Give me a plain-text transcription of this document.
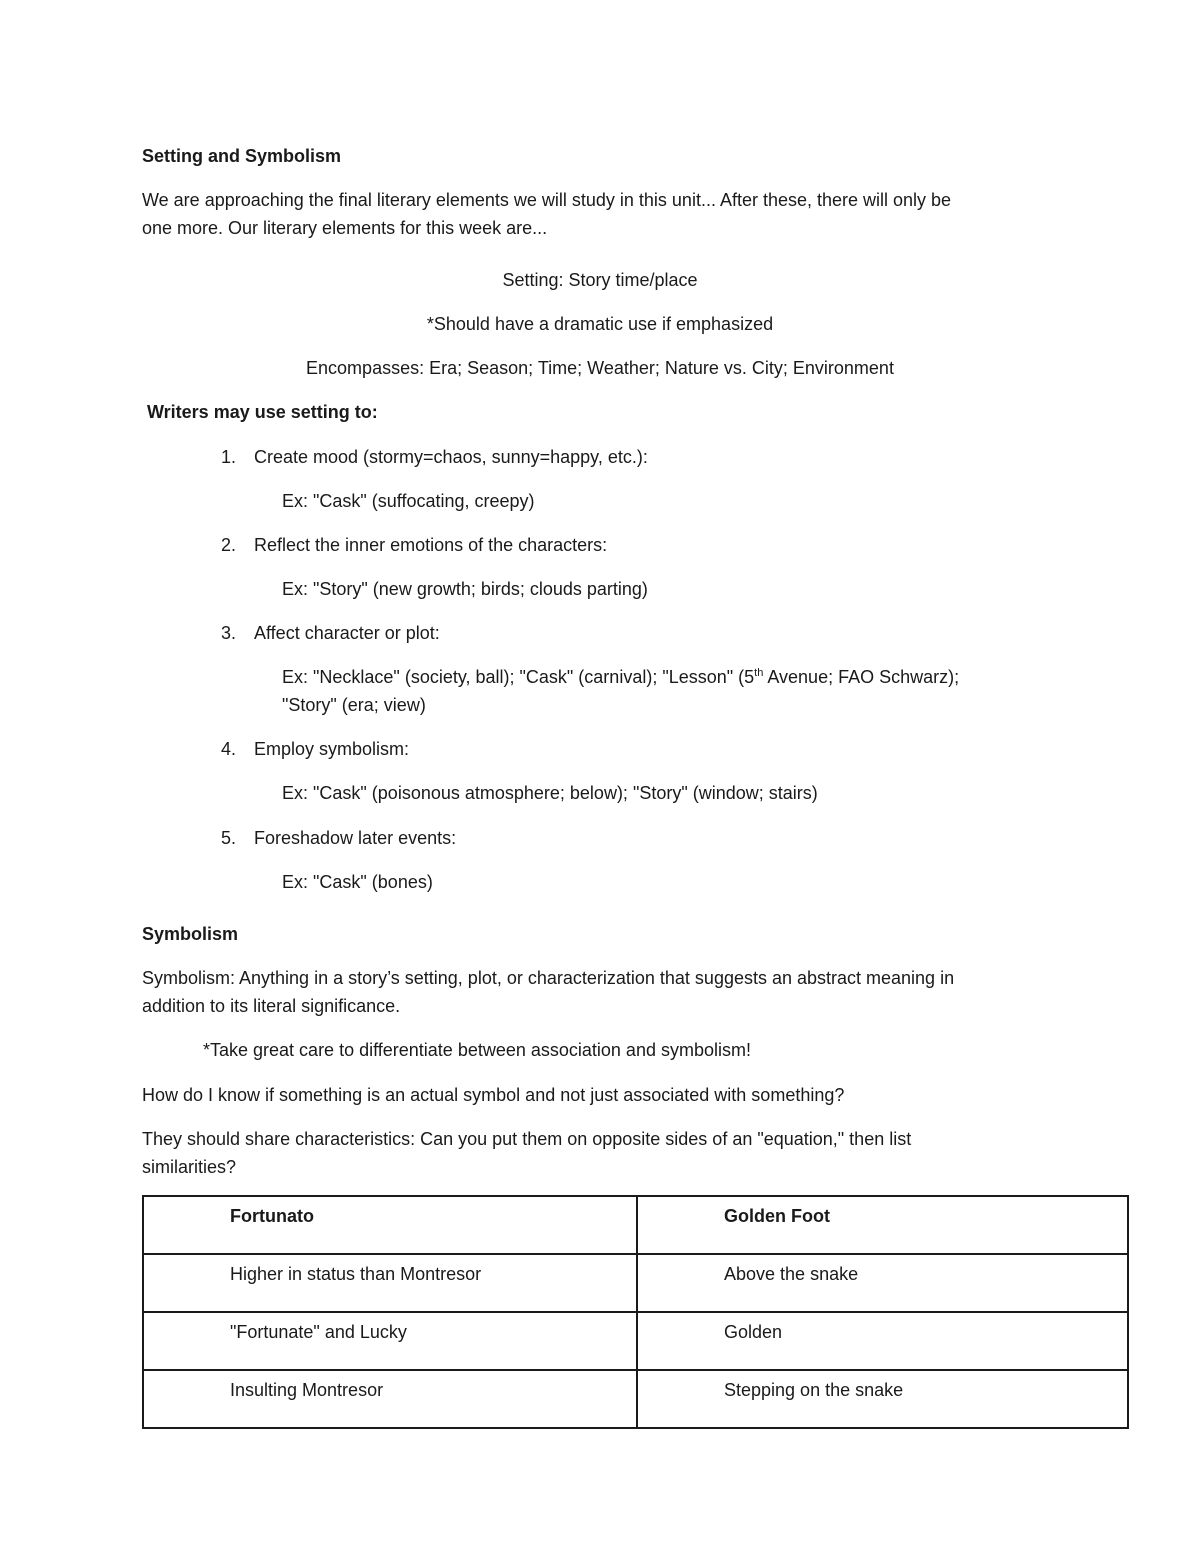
Setting and Symbolism
We are approaching the final literary elements we will study in this unit... After these, there will only be
one more. Our literary elements for this week are...
Setting: Story time/place
*Should have a dramatic use if emphasized
Encompasses: Era; Season; Time; Weather; Nature vs. City; Environment
Writers may use setting to:
1. Create mood (stormy=chaos, sunny=happy, etc.):
Ex: "Cask" (suffocating, creepy)
2. Reflect the inner emotions of the characters:
Ex: "Story" (new growth; birds; clouds parting)
3. Affect character or plot:
Ex: "Necklace" (society, ball); "Cask" (carnival); "Lesson" (5th Avenue; FAO Schwarz);
"Story" (era; view)
4. Employ symbolism:
Ex: "Cask" (poisonous atmosphere; below); "Story" (window; stairs)
5. Foreshadow later events:
Ex: "Cask" (bones)
Symbolism
Symbolism: Anything in a story’s setting, plot, or characterization that suggests an abstract meaning in
addition to its literal significance.
*Take great care to differentiate between association and symbolism!
How do I know if something is an actual symbol and not just associated with something?
They should share characteristics: Can you put them on opposite sides of an "equation," then list
similarities?
Fortunato	Golden Foot
Higher in status than Montresor	Above the snake
"Fortunate" and Lucky	Golden
Insulting Montresor	Stepping on the snake
